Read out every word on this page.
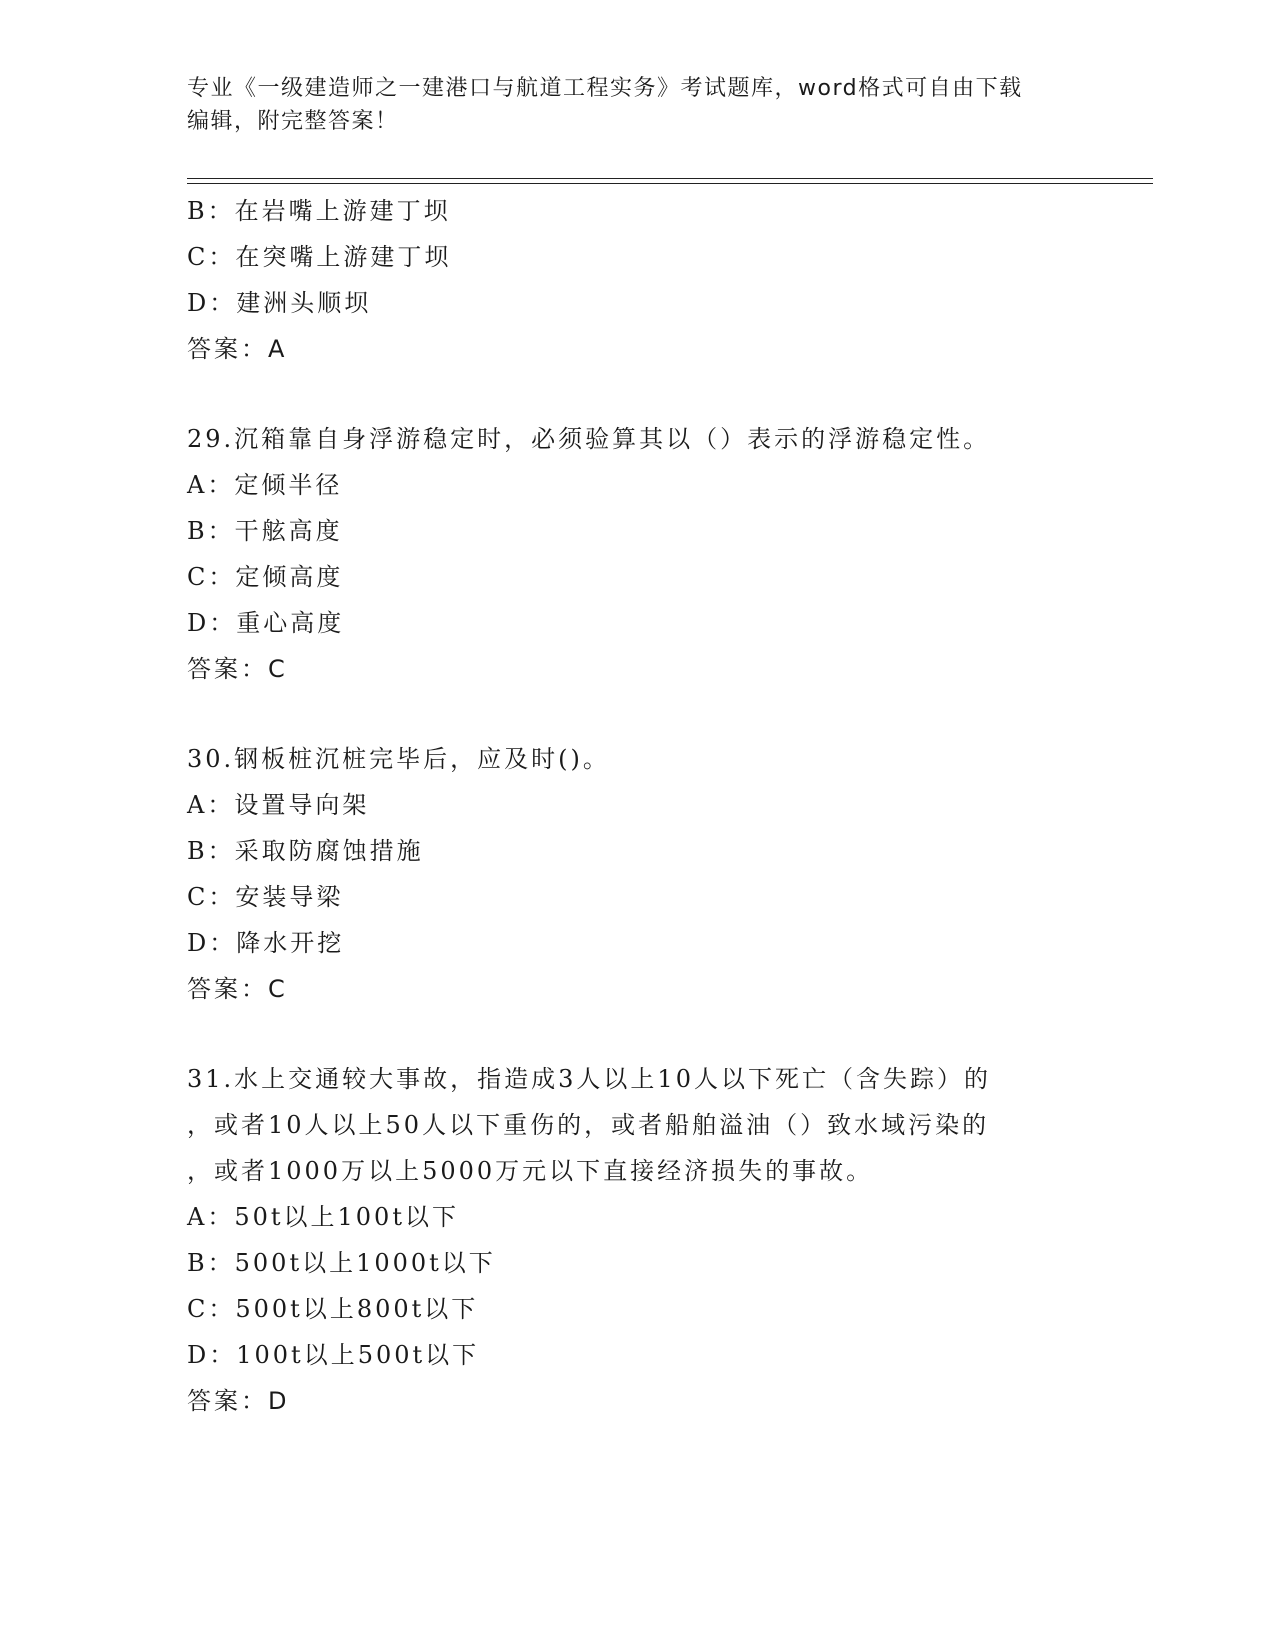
专业《一级建造师之一建港口与航道工程实务》考试题库，word格式可自由下载
编辑，附完整答案！
B：在岩嘴上游建丁坝
C：在突嘴上游建丁坝
D：建洲头顺坝
答案：A
29.沉箱靠自身浮游稳定时，必须验算其以（）表示的浮游稳定性。
A：定倾半径
B：干舷高度
C：定倾高度
D：重心高度
答案：C
30.钢板桩沉桩完毕后，应及时()。
A：设置导向架
B：采取防腐蚀措施
C：安装导梁
D：降水开挖
答案：C
31.水上交通较大事故，指造成3人以上10人以下死亡（含失踪）的
，或者10人以上50人以下重伤的，或者船舶溢油（）致水域污染的
，或者1000万以上5000万元以下直接经济损失的事故。
A：50t以上100t以下
B：500t以上1000t以下
C：500t以上800t以下
D：100t以上500t以下
答案：D
